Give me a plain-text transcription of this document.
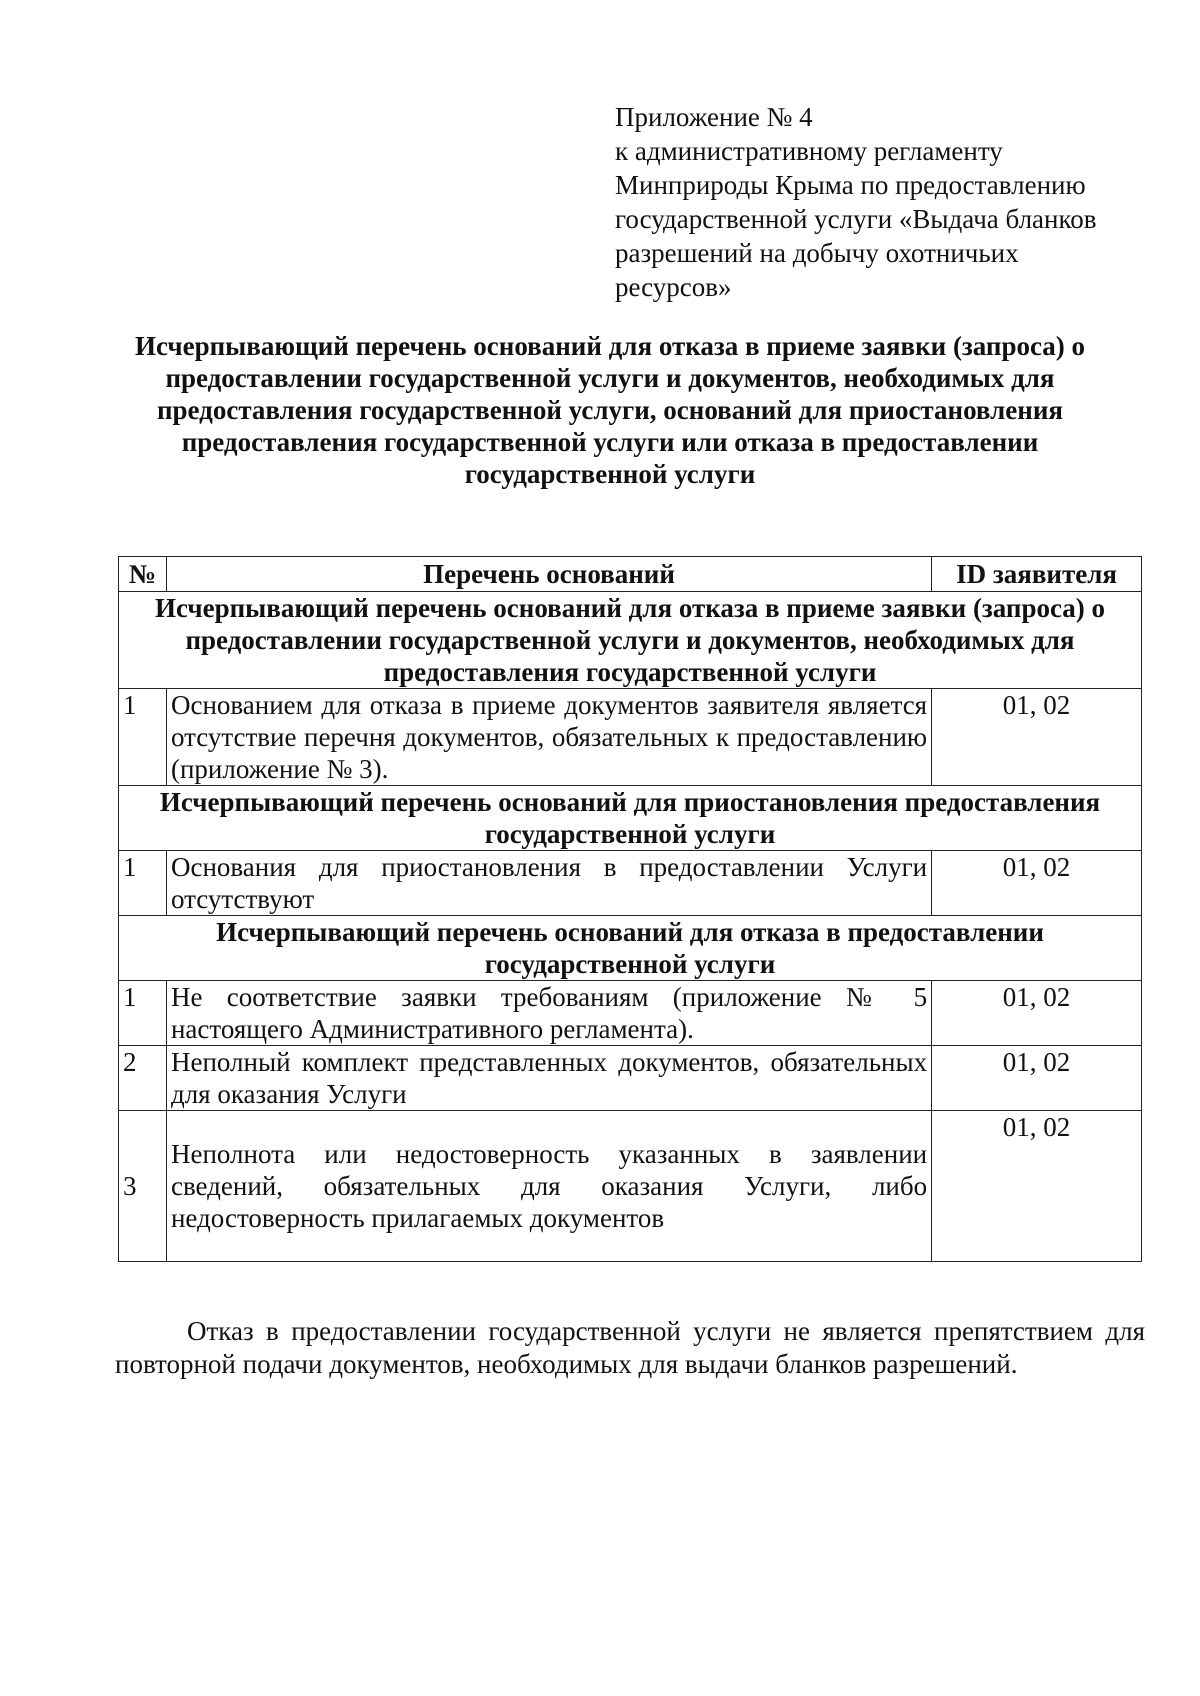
Приложение № 4
к административному регламенту
Минприроды Крыма по предоставлению
государственной услуги «Выдача бланков
разрешений на добычу охотничьих
ресурсов»
Исчерпывающий перечень оснований для отказа в приеме заявки (запроса) о
предоставлении государственной услуги и документов, необходимых для
предоставления государственной услуги, оснований для приостановления
предоставления государственной услуги или отказа в предоставлении
государственной услуги
№	Перечень оснований	ID заявителя

Исчерпывающий перечень оснований для отказа в приеме заявки (запроса) о
предоставлении государственной услуги и документов, необходимых для
предоставления государственной услуги		

1	Основанием для отказа в приеме документов заявителя является отсутствие перечня документов, обязательных к предоставлению (приложение № 3).	01, 02

Исчерпывающий перечень оснований для приостановления предоставления
государственной услуги		

1	Основания для приостановления в предоставлении Услуги отсутствуют	01, 02

Исчерпывающий перечень оснований для отказа в предоставлении
государственной услуги		

1	Не соответствие заявки требованиям (приложение № 5 настоящего Административного регламента).	01, 02
2	Неполный комплект представленных документов, обязательных для оказания Услуги	01, 02
3	Неполнота или недостоверность указанных в заявлении сведений, обязательных для оказания Услуги, либо недостоверность прилагаемых документов	01, 02
Отказ в предоставлении государственной услуги не является препятствием для повторной подачи документов, необходимых для выдачи бланков разрешений.
